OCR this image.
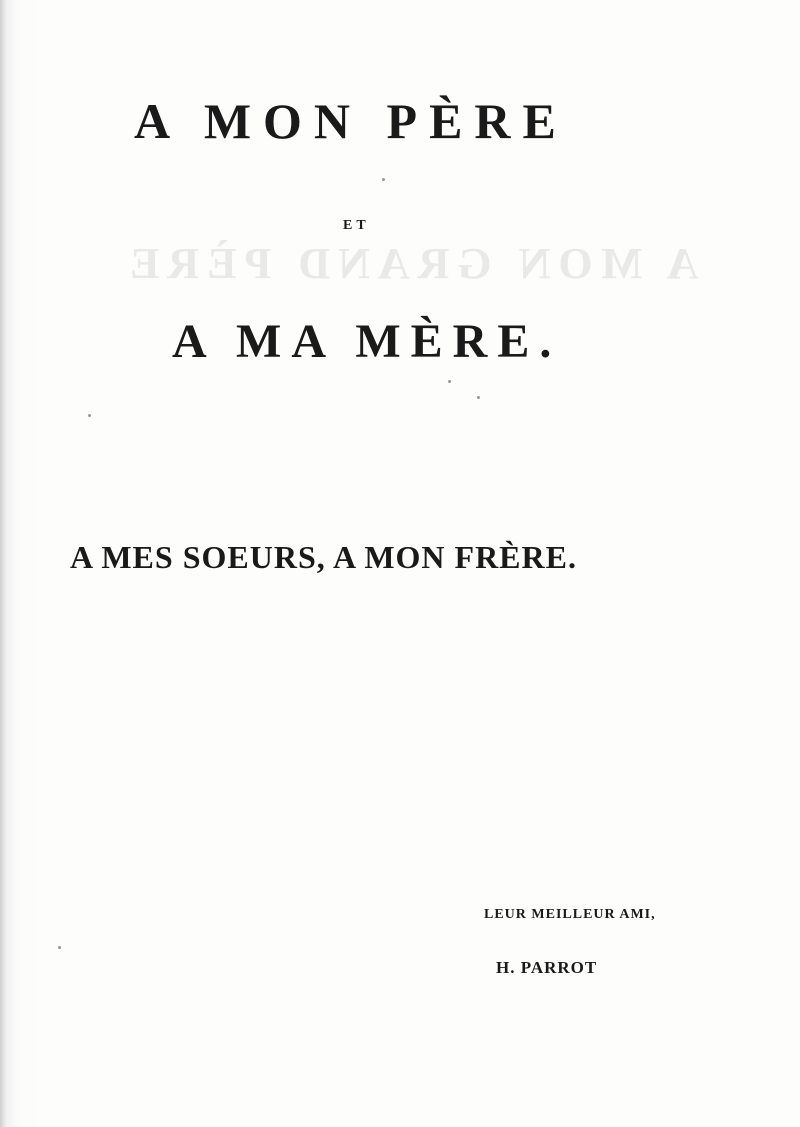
A MON GRAND PÈRE
A MON PÈRE
ET
A MA MÈRE.
A MES SOEURS, A MON FRÈRE.
LEUR MEILLEUR AMI,
H. PARROT
